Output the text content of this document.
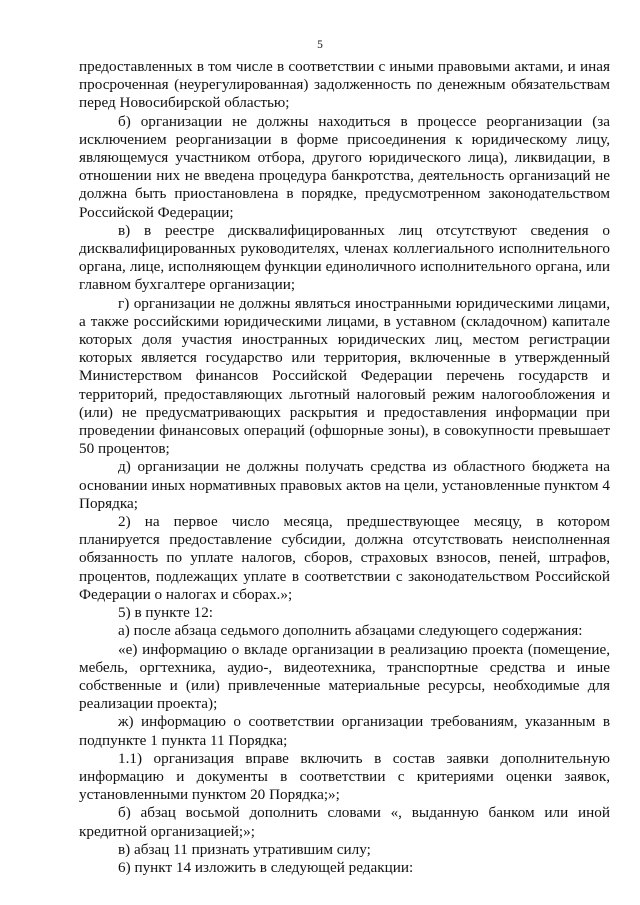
5

предоставленных в том числе в соответствии с иными правовыми актами, и иная просроченная (неурегулированная) задолженность по денежным обязательствам перед Новосибирской областью;

б) организации не должны находиться в процессе реорганизации (за исключением реорганизации в форме присоединения к юридическому лицу, являющемуся участником отбора, другого юридического лица), ликвидации, в отношении них не введена процедура банкротства, деятельность организаций не должна быть приостановлена в порядке, предусмотренном законодательством Российской Федерации;

в) в реестре дисквалифицированных лиц отсутствуют сведения о дисквалифицированных руководителях, членах коллегиального исполнительного органа, лице, исполняющем функции единоличного исполнительного органа, или главном бухгалтере организации;

г) организации не должны являться иностранными юридическими лицами, а также российскими юридическими лицами, в уставном (складочном) капитале которых доля участия иностранных юридических лиц, местом регистрации которых является государство или территория, включенные в утвержденный Министерством финансов Российской Федерации перечень государств и территорий, предоставляющих льготный налоговый режим налогообложения и (или) не предусматривающих раскрытия и предоставления информации при проведении финансовых операций (офшорные зоны), в совокупности превышает 50 процентов;

д) организации не должны получать средства из областного бюджета на основании иных нормативных правовых актов на цели, установленные пунктом 4 Порядка;

2) на первое число месяца, предшествующее месяцу, в котором планируется предоставление субсидии, должна отсутствовать неисполненная обязанность по уплате налогов, сборов, страховых взносов, пеней, штрафов, процентов, подлежащих уплате в соответствии с законодательством Российской Федерации о налогах и сборах.»;

5) в пункте 12:

а) после абзаца седьмого дополнить абзацами следующего содержания:

«е) информацию о вкладе организации в реализацию проекта (помещение, мебель, оргтехника, аудио-, видеотехника, транспортные средства и иные собственные и (или) привлеченные материальные ресурсы, необходимые для реализации проекта);

ж) информацию о соответствии организации требованиям, указанным в подпункте 1 пункта 11 Порядка;

1.1) организация вправе включить в состав заявки дополнительную информацию и документы в соответствии с критериями оценки заявок, установленными пунктом 20 Порядка;»;

б) абзац восьмой дополнить словами «, выданную банком или иной кредитной организацией;»;

в) абзац 11 признать утратившим силу;

6) пункт 14 изложить в следующей редакции:
